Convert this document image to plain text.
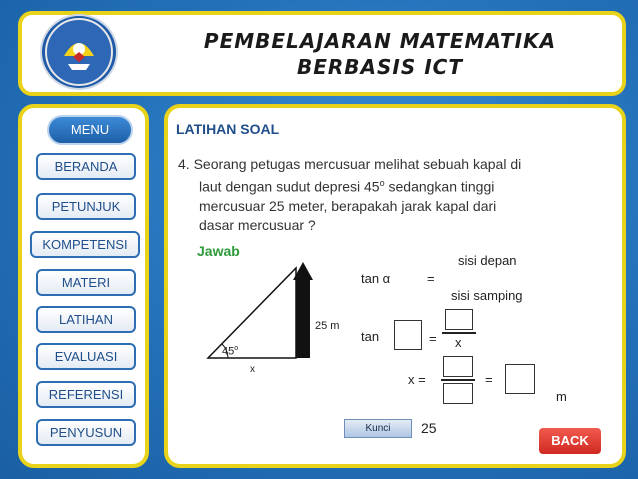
PEMBELAJARAN MATEMATIKA
BERBASIS ICT
MENU
BERANDA
PETUNJUK
KOMPETENSI
MATERI
LATIHAN
EVALUASI
REFERENSI
PENYUSUN
LATIHAN SOAL
4. Seorang petugas mercusuar melihat sebuah kapal di
laut dengan sudut depresi 45$^o$ sedangkan tinggi
mercusuar 25 meter, berapakah jarak kapal dari
dasar mercusuar ?
Jawab
25 m
45$^o$
x
tan α	=
sisi depan
sisi samping
tan	= x
x =	=
m
Kunci	25
BACK
